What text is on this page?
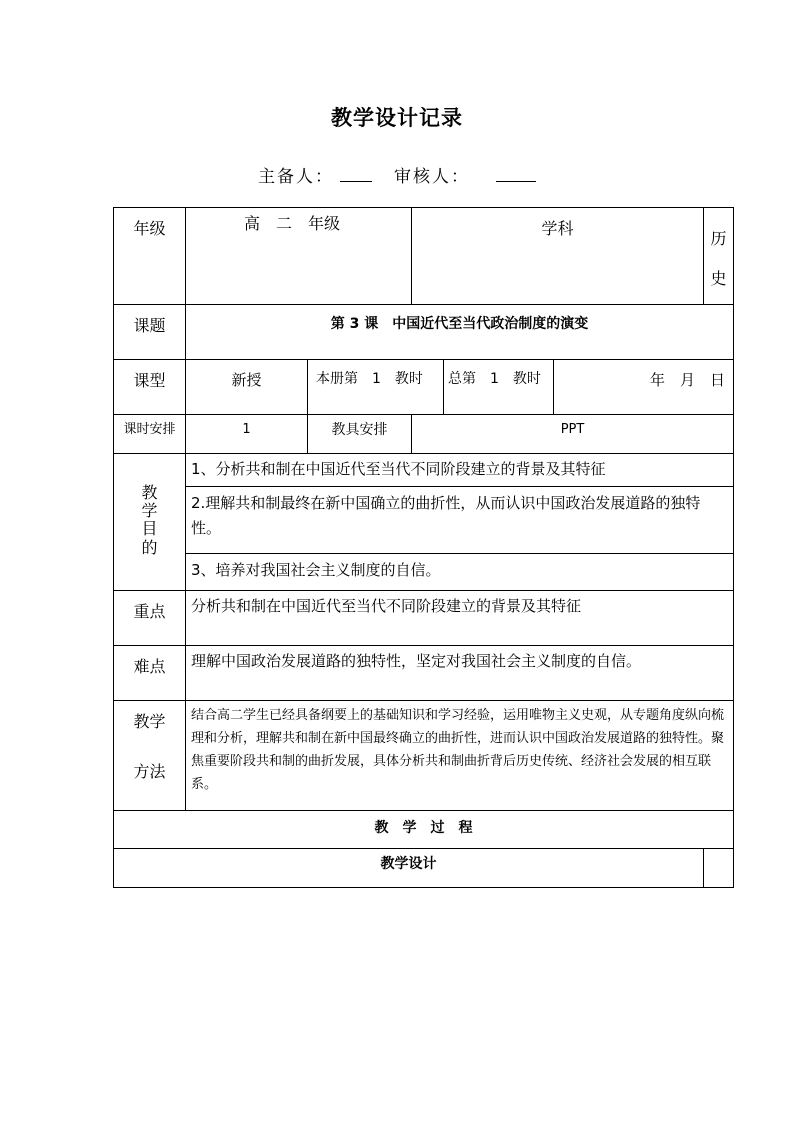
教学设计记录
主备人：	审核人：
年级	高　二　年级		学科			历
史

课题	第 3 课　中国近代至当代政治制度的演变					
课型	新授	本册第　1　教时		总第　1　教时	年　月　日	
课时安排	1	教具安排	PPT			
教
学
目
的	1、分析共和制在中国近代至当代不同阶段建立的背景及其特征					
	2.理解共和制最终在新中国确立的曲折性，从而认识中国政治发展道路的独特性。					
	3、培养对我国社会主义制度的自信。					
重点	分析共和制在中国近代至当代不同阶段建立的背景及其特征					
难点	理解中国政治发展道路的独特性，坚定对我国社会主义制度的自信。					

教学
方法	结合高二学生已经具备纲要上的基础知识和学习经验，运用唯物主义史观，从专题角度纵向梳理和分析，理解共和制在新中国最终确立的曲折性，进而认识中国政治发展道路的独特性。聚焦重要阶段共和制的曲折发展，具体分析共和制曲折背后历史传统、经济社会发展的相互联系。					
教　学　过　程						
教学设计						
